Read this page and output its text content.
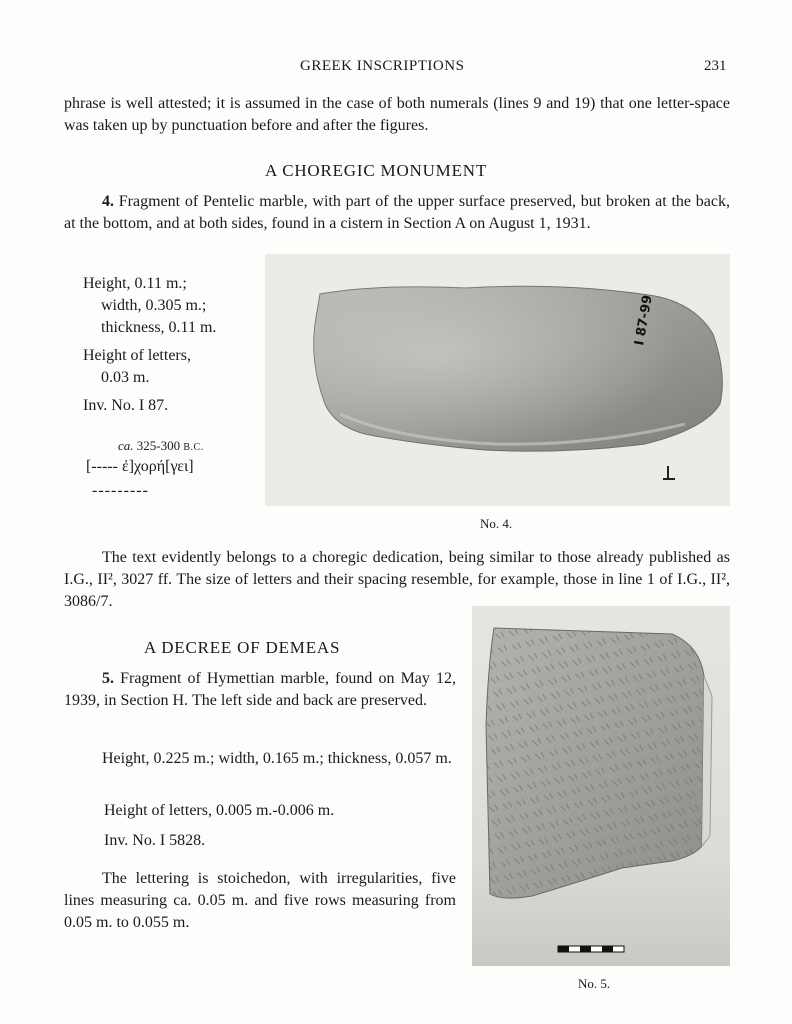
GREEK INSCRIPTIONS	231
phrase is well attested; it is assumed in the case of both numerals (lines 9 and 19) that one letter-space was taken up by punctuation before and after the figures.
A CHOREGIC MONUMENT
4. Fragment of Pentelic marble, with part of the upper surface preserved, but broken at the back, at the bottom, and at both sides, found in a cistern in Section A on August 1, 1931.
Height, 0.11 m.;
width, 0.305 m.;
thickness, 0.11 m.
Height of letters,
0.03 m.
Inv. No. I 87.
ca. 325-300 B.C.
[----- ἐ]χορή[γει]
---------
I 87-99
No. 4.
The text evidently belongs to a choregic dedication, being similar to those already published as I.G., II², 3027 ff. The size of letters and their spacing resemble, for example, those in line 1 of I.G., II², 3086/7.
A DECREE OF DEMEAS
5. Fragment of Hymettian marble, found on May 12, 1939, in Section Η. The left side and back are preserved.
Height, 0.225 m.; width, 0.165 m.; thickness, 0.057 m.
Height of letters, 0.005 m.-0.006 m.
Inv. No. I 5828.
The lettering is stoichedon, with irregularities, five lines measuring ca. 0.05 m. and five rows measuring from 0.05 m. to 0.055 m.
No. 5.
